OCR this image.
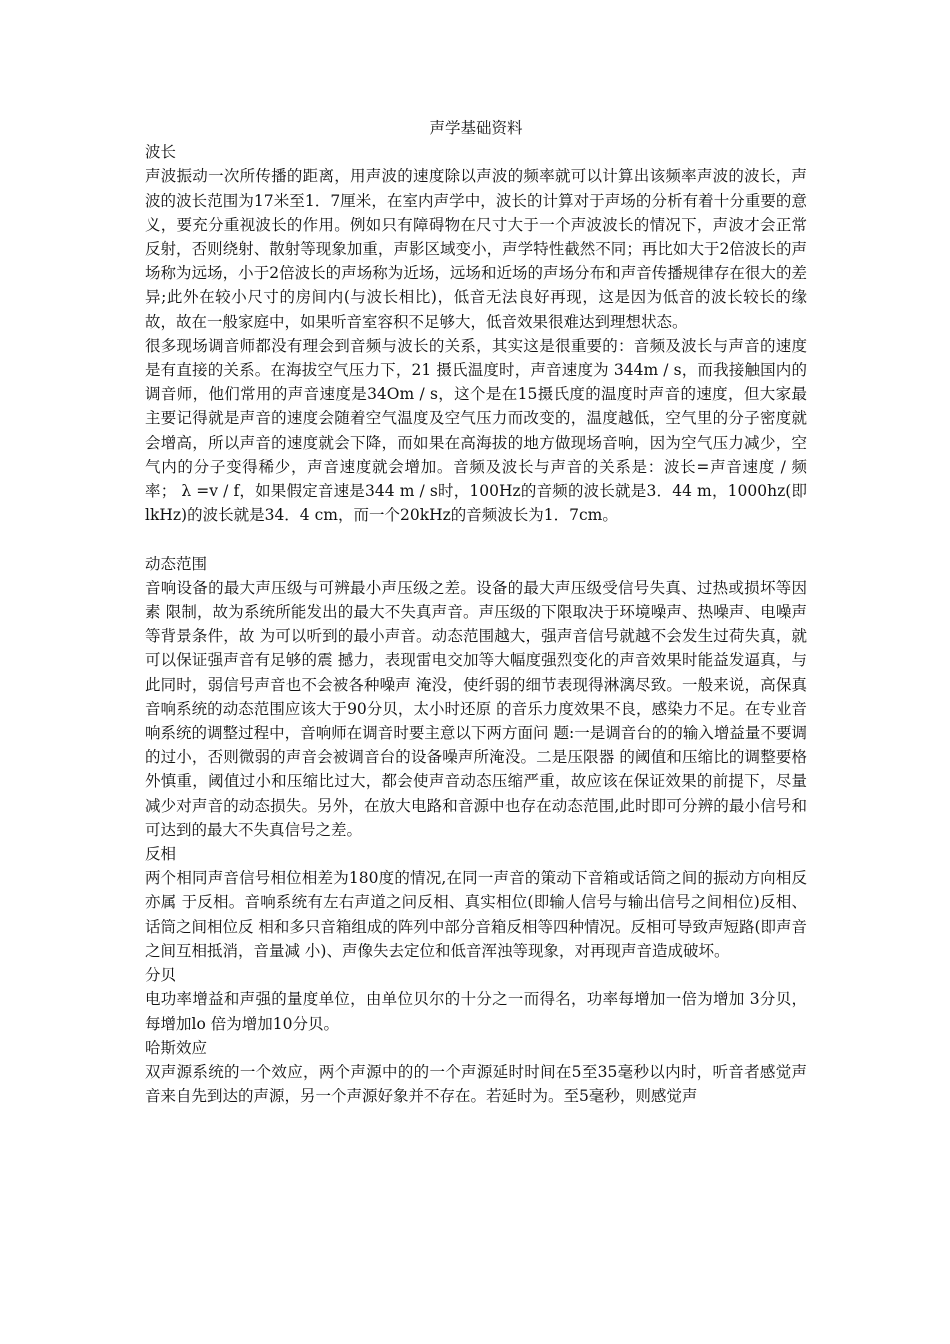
声学基础资料
波长

声波振动一次所传播的距离，用声波的速度除以声波的频率就可以计算出该频率声波的波长，声波的波长范围为17米至1．7厘米，在室内声学中，波长的计算对于声场的分析有着十分重要的意义，要充分重视波长的作用。例如只有障碍物在尺寸大于一个声波波长的情况下，声波才会正常反射，否则绕射、散射等现象加重，声影区域变小，声学特性截然不同；再比如大于2倍波长的声场称为远场，小于2倍波长的声场称为近场，远场和近场的声场分布和声音传播规律存在很大的差异;此外在较小尺寸的房间内(与波长相比)，低音无法良好再现，这是因为低音的波长较长的缘故，故在一般家庭中，如果听音室容积不足够大，低音效果很难达到理想状态。

很多现场调音师都没有理会到音频与波长的关系，其实这是很重要的：音频及波长与声音的速度是有直接的关系。在海拔空气压力下，21 摄氏温度时，声音速度为 344m / s，而我接触国内的调音师，他们常用的声音速度是34Om / s，这个是在15摄氏度的温度时声音的速度，但大家最主要记得就是声音的速度会随着空气温度及空气压力而改变的，温度越低，空气里的分子密度就会增高，所以声音的速度就会下降，而如果在高海拔的地方做现场音响，因为空气压力减少，空气内的分子变得稀少，声音速度就会增加。音频及波长与声音的关系是：波长=声音速度 / 频率； λ =v / f，如果假定音速是344 m / s时，100Hz的音频的波长就是3．44 m，1000hz(即lkHz)的波长就是34．4 cm，而一个20kHz的音频波长为1．7cm。

动态范围

音响设备的最大声压级与可辨最小声压级之差。设备的最大声压级受信号失真、过热或损坏等因素 限制，故为系统所能发出的最大不失真声音。声压级的下限取决于环境噪声、热噪声、电噪声等背景条件，故 为可以听到的最小声音。动态范围越大，强声音信号就越不会发生过荷失真，就可以保证强声音有足够的震 撼力，表现雷电交加等大幅度强烈变化的声音效果时能益发逼真，与此同时，弱信号声音也不会被各种噪声 淹没，使纤弱的细节表现得淋漓尽致。一般来说，高保真音响系统的动态范围应该大于90分贝，太小时还原 的音乐力度效果不良，感染力不足。在专业音响系统的调整过程中，音响师在调音时要主意以下两方面问 题:一是调音台的的输入增益量不要调的过小，否则微弱的声音会被调音台的设备噪声所淹没。二是压限器 的阈值和压缩比的调整要格外慎重，阈值过小和压缩比过大，都会使声音动态压缩严重，故应该在保证效果的前提下，尽量减少对声音的动态损失。另外，在放大电路和音源中也存在动态范围,此时即可分辨的最小信号和可达到的最大不失真信号之差。

反相

两个相同声音信号相位相差为180度的情况,在同一声音的策动下音箱或话筒之间的振动方向相反亦属 于反相。音响系统有左右声道之问反相、真实相位(即输人信号与输出信号之间相位)反相、话筒之间相位反 相和多只音箱组成的阵列中部分音箱反相等四种情况。反相可导致声短路(即声音之间互相抵消，音量减 小)、声像失去定位和低音浑浊等现象，对再现声音造成破坏。

分贝

电功率增益和声强的量度单位，由单位贝尔的十分之一而得名，功率每增加一倍为增加 3分贝，每增加lo 倍为增加10分贝。

哈斯效应

双声源系统的一个效应，两个声源中的的一个声源延时时间在5至35毫秒以内时，听音者感觉声 音来自先到达的声源，另一个声源好象并不存在。若延时为。至5毫秒，则感觉声
